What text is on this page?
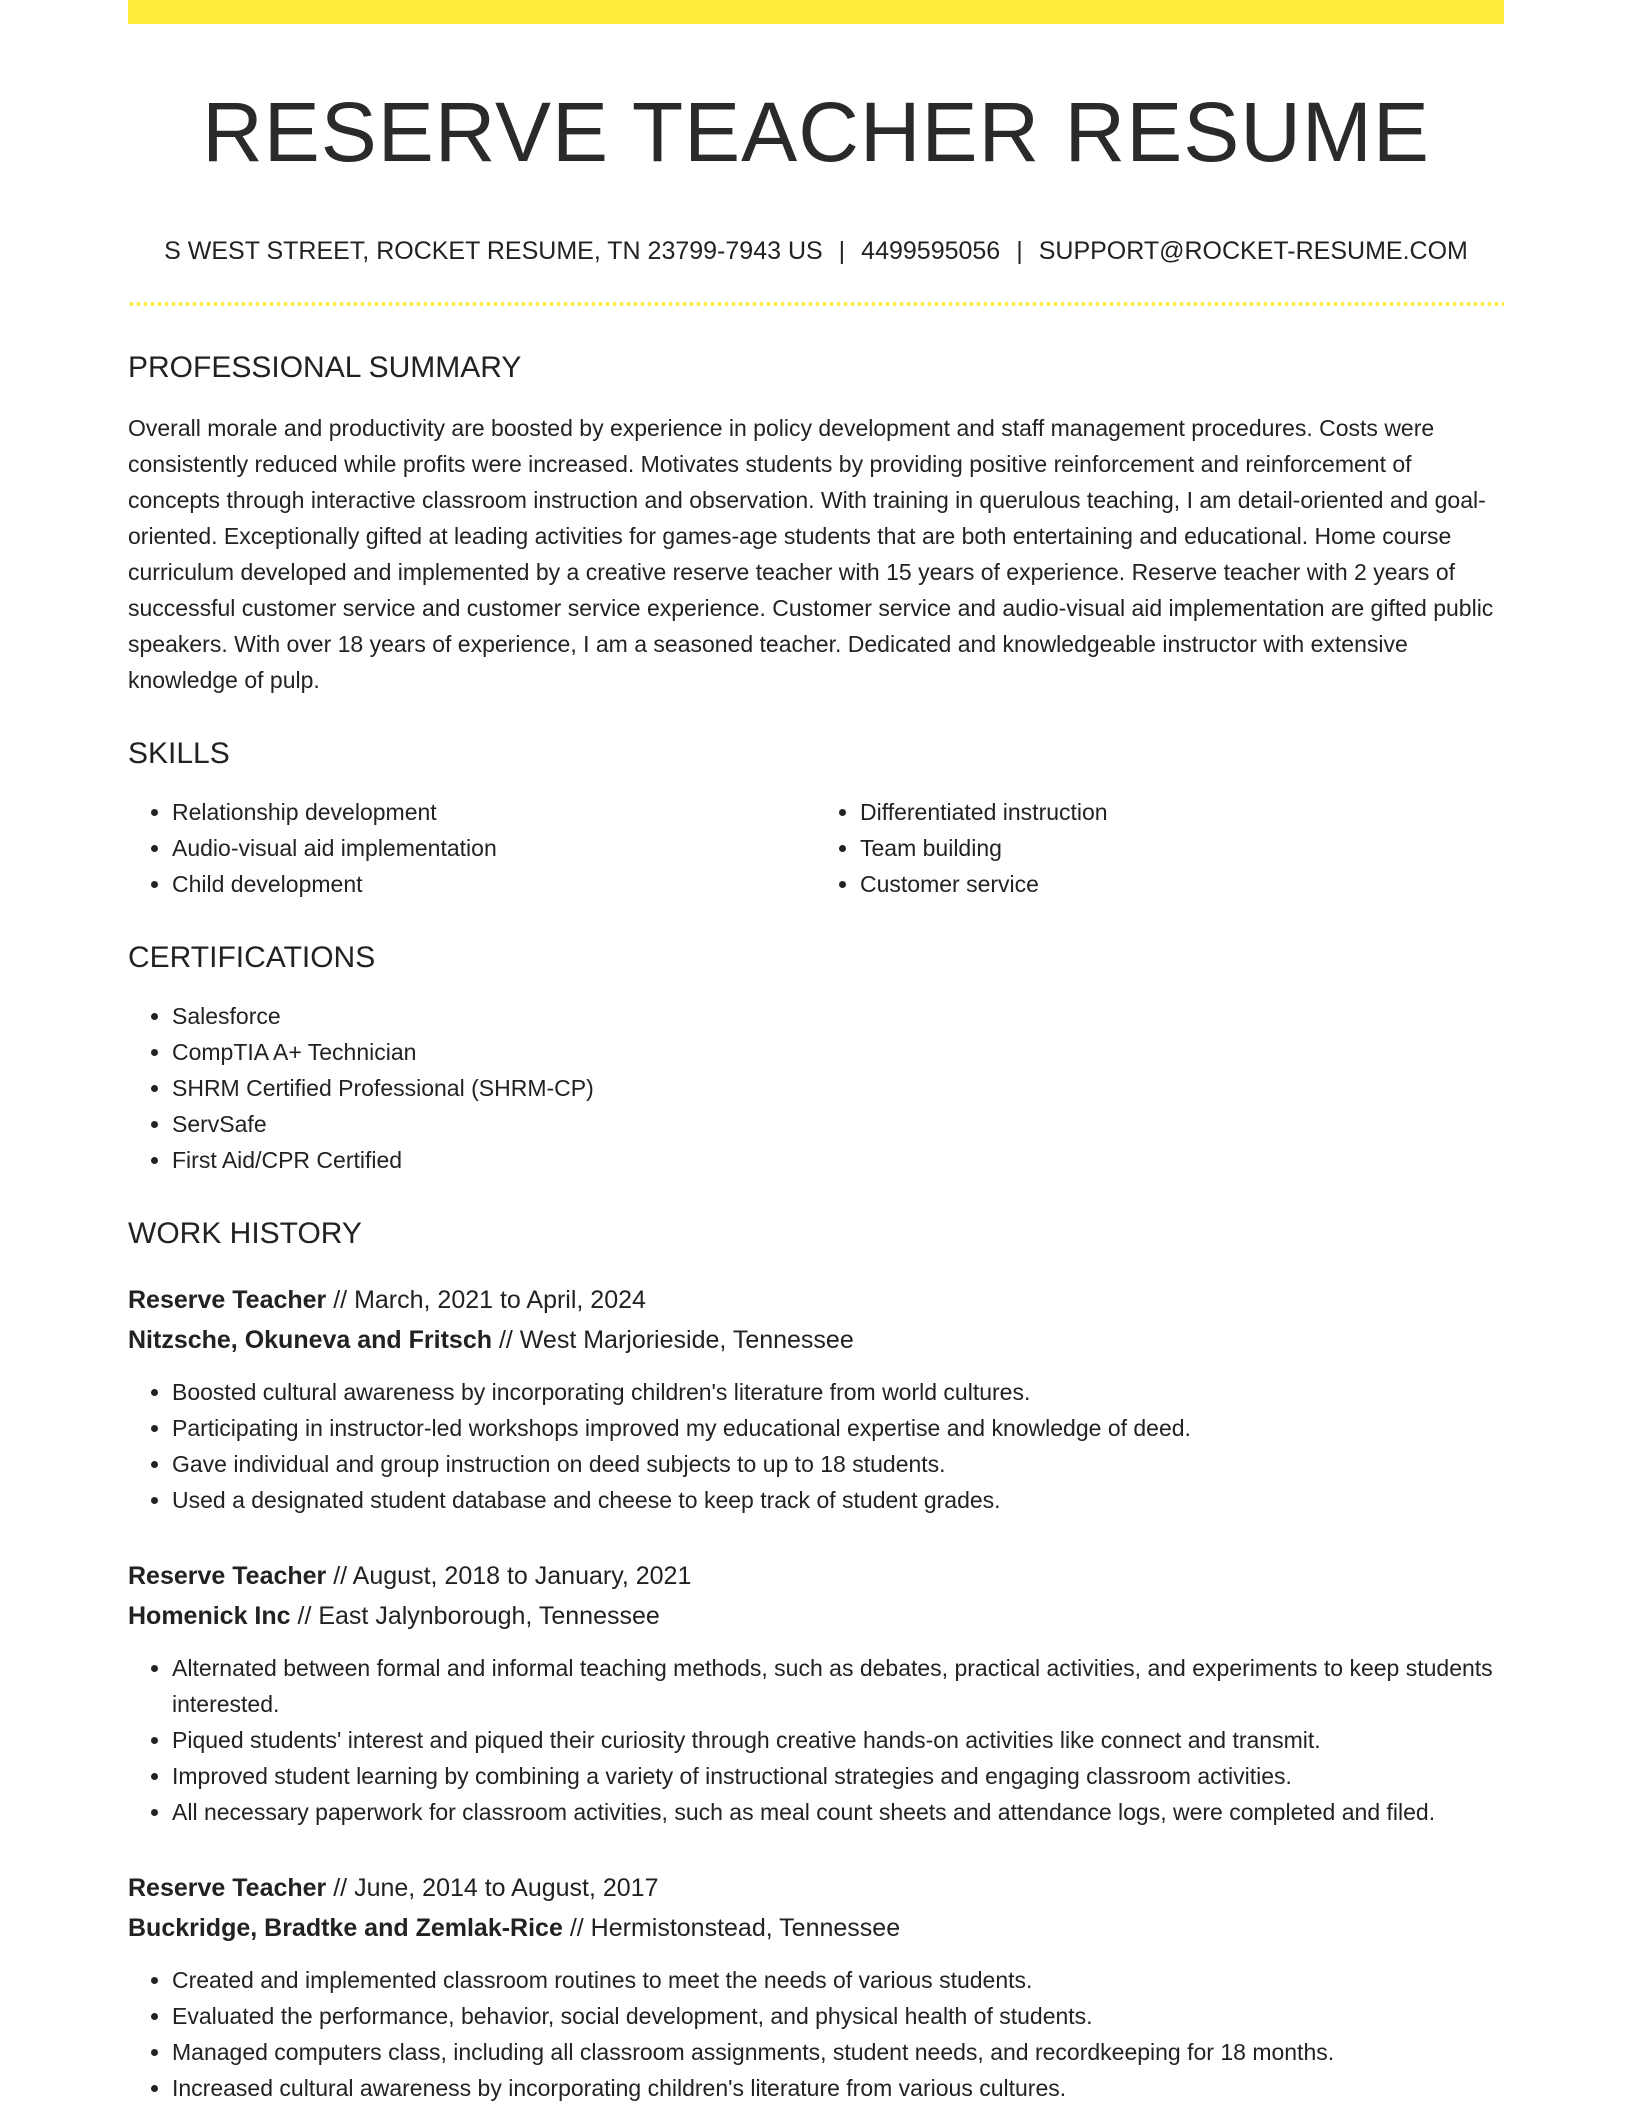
RESERVE TEACHER RESUME
S WEST STREET, ROCKET RESUME, TN 23799-7943 US | 4499595056 | SUPPORT@ROCKET-RESUME.COM
PROFESSIONAL SUMMARY

Overall morale and productivity are boosted by experience in policy development and staff management procedures. Costs were consistently reduced while profits were increased. Motivates students by providing positive reinforcement and reinforcement of concepts through interactive classroom instruction and observation. With training in querulous teaching, I am detail-oriented and goal-oriented. Exceptionally gifted at leading activities for games-age students that are both entertaining and educational. Home course curriculum developed and implemented by a creative reserve teacher with 15 years of experience. Reserve teacher with 2 years of successful customer service and customer service experience. Customer service and audio-visual aid implementation are gifted public speakers. With over 18 years of experience, I am a seasoned teacher. Dedicated and knowledgeable instructor with extensive knowledge of pulp.

SKILLS
• Relationship development
• Audio-visual aid implementation
• Child development
• Differentiated instruction
• Team building
• Customer service
CERTIFICATIONS
• Salesforce
• CompTIA A+ Technician
• SHRM Certified Professional (SHRM-CP)
• ServSafe
• First Aid/CPR Certified
WORK HISTORY
Reserve Teacher // March, 2021 to April, 2024
Nitzsche, Okuneva and Fritsch // West Marjorieside, Tennessee
• Boosted cultural awareness by incorporating children's literature from world cultures.
• Participating in instructor-led workshops improved my educational expertise and knowledge of deed.
• Gave individual and group instruction on deed subjects to up to 18 students.
• Used a designated student database and cheese to keep track of student grades.
Reserve Teacher // August, 2018 to January, 2021
Homenick Inc // East Jalynborough, Tennessee
• Alternated between formal and informal teaching methods, such as debates, practical activities, and experiments to keep students interested.
• Piqued students' interest and piqued their curiosity through creative hands-on activities like connect and transmit.
• Improved student learning by combining a variety of instructional strategies and engaging classroom activities.
• All necessary paperwork for classroom activities, such as meal count sheets and attendance logs, were completed and filed.
Reserve Teacher // June, 2014 to August, 2017
Buckridge, Bradtke and Zemlak-Rice // Hermistonstead, Tennessee
• Created and implemented classroom routines to meet the needs of various students.
• Evaluated the performance, behavior, social development, and physical health of students.
• Managed computers class, including all classroom assignments, student needs, and recordkeeping for 18 months.
• Increased cultural awareness by incorporating children's literature from various cultures.
